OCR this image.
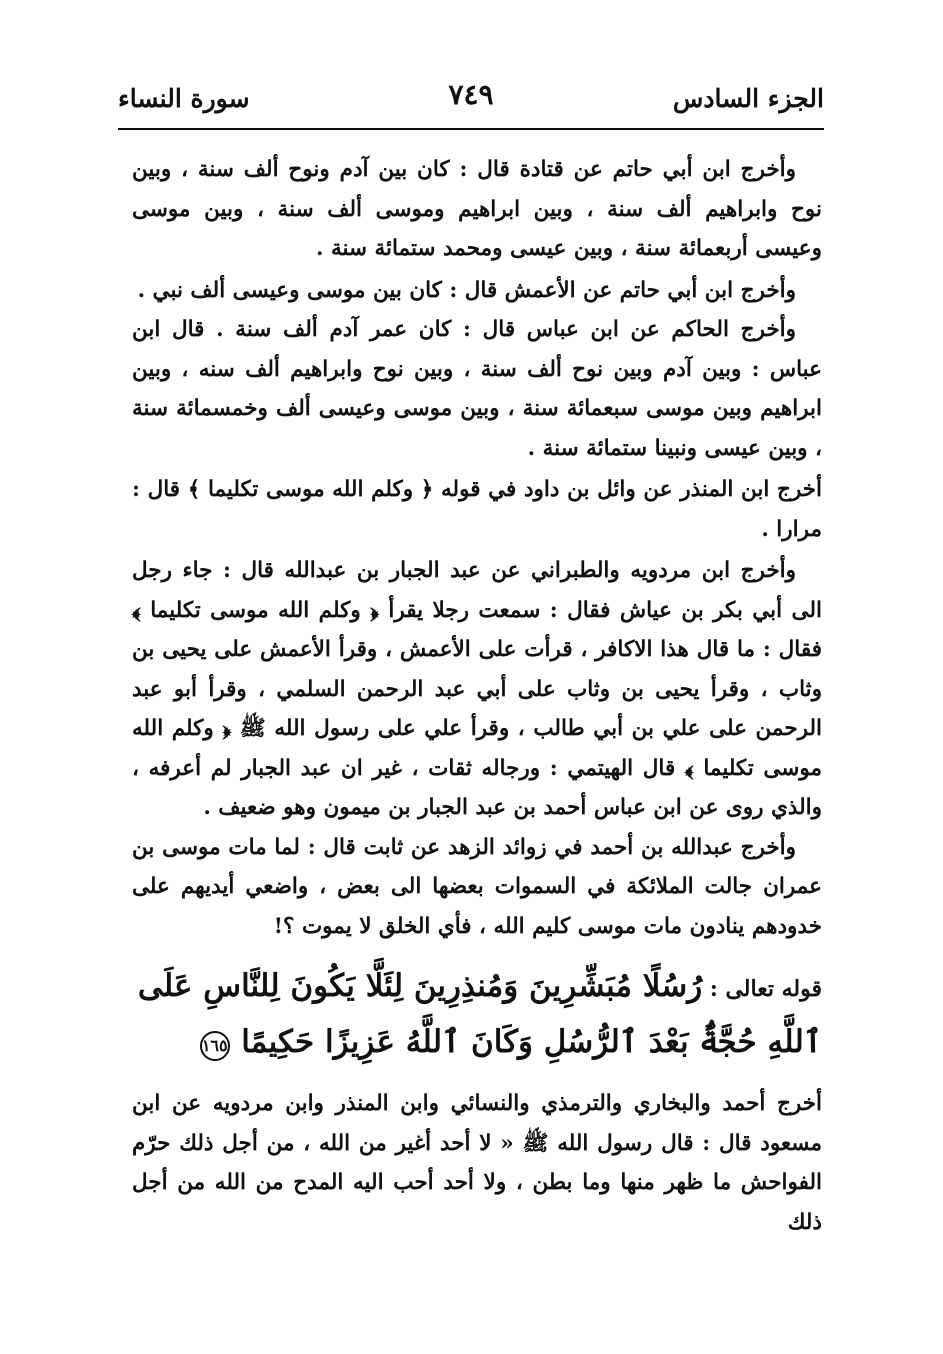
الجزء السادس
٧٤٩
سورة النساء

وأخرج ابن أبي حاتم عن قتادة قال : كان بين آدم ونوح ألف سنة ، وبين نوح وابراهيم ألف سنة ، وبين ابراهيم وموسى ألف سنة ، وبين موسى وعيسى أربعمائة سنة ، وبين عيسى ومحمد ستمائة سنة .

وأخرج ابن أبي حاتم عن الأعمش قال : كان بين موسى وعيسى ألف نبي .

وأخرج الحاكم عن ابن عباس قال : كان عمر آدم ألف سنة . قال ابن عباس : وبين آدم وبين نوح ألف سنة ، وبين نوح وابراهيم ألف سنه ، وبين ابراهيم وبين موسى سبعمائة سنة ، وبين موسى وعيسى ألف وخمسمائة سنة ، وبين عيسى ونبينا ستمائة سنة .

أخرج ابن المنذر عن وائل بن داود في قوله ﴿ وكلم الله موسى تكليما ﴾ قال : مرارا .

وأخرج ابن مردويه والطبراني عن عبد الجبار بن عبدالله قال : جاء رجل الى أبي بكر بن عياش فقال : سمعت رجلا يقرأ ﴿ وكلم الله موسى تكليما ﴾ فقال : ما قال هذا الاكافر ، قرأت على الأعمش ، وقرأ الأعمش على يحيى بن وثاب ، وقرأ يحيى بن وثاب على أبي عبد الرحمن السلمي ، وقرأ أبو عبد الرحمن على علي بن أبي طالب ، وقرأ علي على رسول الله ﷺ ﴿ وكلم الله موسى تكليما ﴾ قال الهيتمي : ورجاله ثقات ، غير ان عبد الجبار لم أعرفه ، والذي روى عن ابن عباس أحمد بن عبد الجبار بن ميمون وهو ضعيف .

وأخرج عبدالله بن أحمد في زوائد الزهد عن ثابت قال : لما مات موسى بن عمران جالت الملائكة في السموات بعضها الى بعض ، واضعي أيديهم على خدودهم ينادون مات موسى كليم الله ، فأي الخلق لا يموت ؟!

قوله تعالى : رُسُلًا مُبَشِّرِينَ وَمُنذِرِينَ لِئَلَّا يَكُونَ لِلنَّاسِ عَلَى ٱللَّهِ حُجَّةٌۢ بَعْدَ ٱلرُّسُلِ وَكَانَ ٱللَّهُ عَزِيزًا حَكِيمًا ١٦٥

أخرج أحمد والبخاري والترمذي والنسائي وابن المنذر وابن مردويه عن ابن مسعود قال : قال رسول الله ﷺ « لا أحد أغير من الله ، من أجل ذلك حرّم الفواحش ما ظهر منها وما بطن ، ولا أحد أحب اليه المدح من الله من أجل ذلك
